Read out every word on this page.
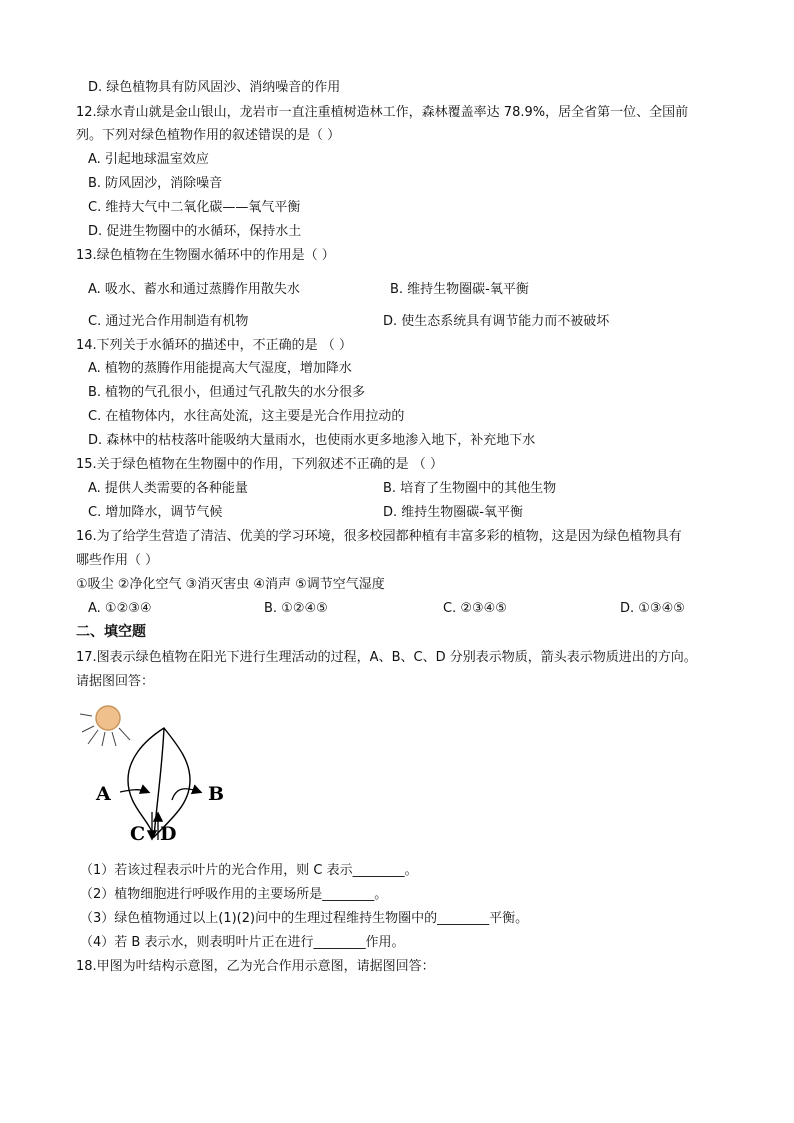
D. 绿色植物具有防风固沙、消纳噪音的作用
12.绿水青山就是金山银山，龙岩市一直注重植树造林工作，森林覆盖率达 78.9%，居全省第一位、全国前
列。下列对绿色植物作用的叙述错误的是（ ）
A. 引起地球温室效应
B. 防风固沙，消除噪音
C. 维持大气中二氧化碳——氧气平衡
D. 促进生物圈中的水循环，保持水土
13.绿色植物在生物圈水循环中的作用是（ ）
A. 吸水、蓄水和通过蒸腾作用散失水	B. 维持生物圈碳-氧平衡
C. 通过光合作用制造有机物	D. 使生态系统具有调节能力而不被破坏
14.下列关于水循环的描述中，不正确的是 （ ）
A. 植物的蒸腾作用能提高大气湿度，增加降水
B. 植物的气孔很小，但通过气孔散失的水分很多
C. 在植物体内，水往高处流，这主要是光合作用拉动的
D. 森林中的枯枝落叶能吸纳大量雨水，也使雨水更多地渗入地下，补充地下水
15.关于绿色植物在生物圈中的作用，下列叙述不正确的是 （ ）
A. 提供人类需要的各种能量	B. 培育了生物圈中的其他生物
C. 增加降水，调节气候	D. 维持生物圈碳-氧平衡
16.为了给学生营造了清洁、优美的学习环境，很多校园都种植有丰富多彩的植物，这是因为绿色植物具有
哪些作用（ ）
①吸尘 ②净化空气 ③消灭害虫 ④消声 ⑤调节空气湿度
A. ①②③④	B. ①②④⑤	C. ②③④⑤	D. ①③④⑤
二、填空题
17.图表示绿色植物在阳光下进行生理活动的过程，A、B、C、D 分别表示物质，箭头表示物质进出的方向。
请据图回答：
A	B
C D
（1）若该过程表示叶片的光合作用，则 C 表示________。
（2）植物细胞进行呼吸作用的主要场所是________。
（3）绿色植物通过以上(1)(2)问中的生理过程维持生物圈中的________平衡。
（4）若 B 表示水，则表明叶片正在进行________作用。
18.甲图为叶结构示意图，乙为光合作用示意图，请据图回答：
